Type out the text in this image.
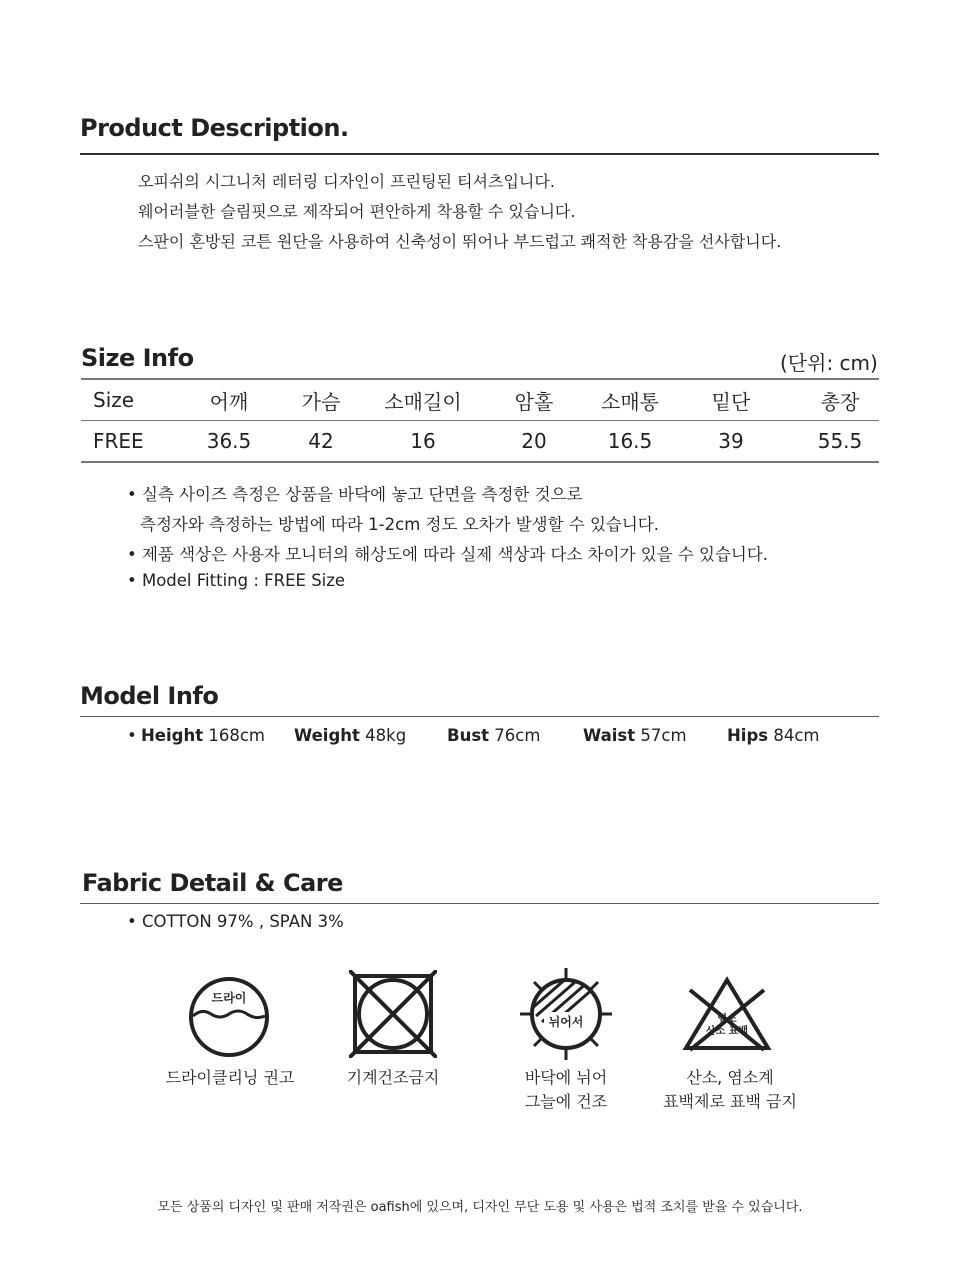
Product Description.
오피쉬의 시그니처 레터링 디자인이 프린팅된 티셔츠입니다.
웨어러블한 슬림핏으로 제작되어 편안하게 착용할 수 있습니다.
스판이 혼방된 코튼 원단을 사용하여 신축성이 뛰어나 부드럽고 쾌적한 착용감을 선사합니다.
Size Info	(단위: cm)
Size	어깨	가슴	소매길이	암홀	소매통	밑단	총장
FREE	36.5	42	16	20	16.5	39	55.5
• 실측 사이즈 측정은 상품을 바닥에 놓고 단면을 측정한 것으로
측정자와 측정하는 방법에 따라 1-2cm 정도 오차가 발생할 수 있습니다.
• 제품 색상은 사용자 모니터의 해상도에 따라 실제 색상과 다소 차이가 있을 수 있습니다.
• Model Fitting : FREE Size
Model Info
• Height 168cm Weight 48kg Bust 76cm	Waist 57cm Hips 84cm
Fabric Detail & Care
• COTTON 97% , SPAN 3%
드라이
뉘어서	염소
산소 표백
드라이클리닝 권고	기계건조금지	바닥에 뉘어
그늘에 건조
산소, 염소계
표백제로 표백 금지
모든 상품의 디자인 및 판매 저작권은 oafish에 있으며, 디자인 무단 도용 및 사용은 법적 조치를 받을 수 있습니다.
